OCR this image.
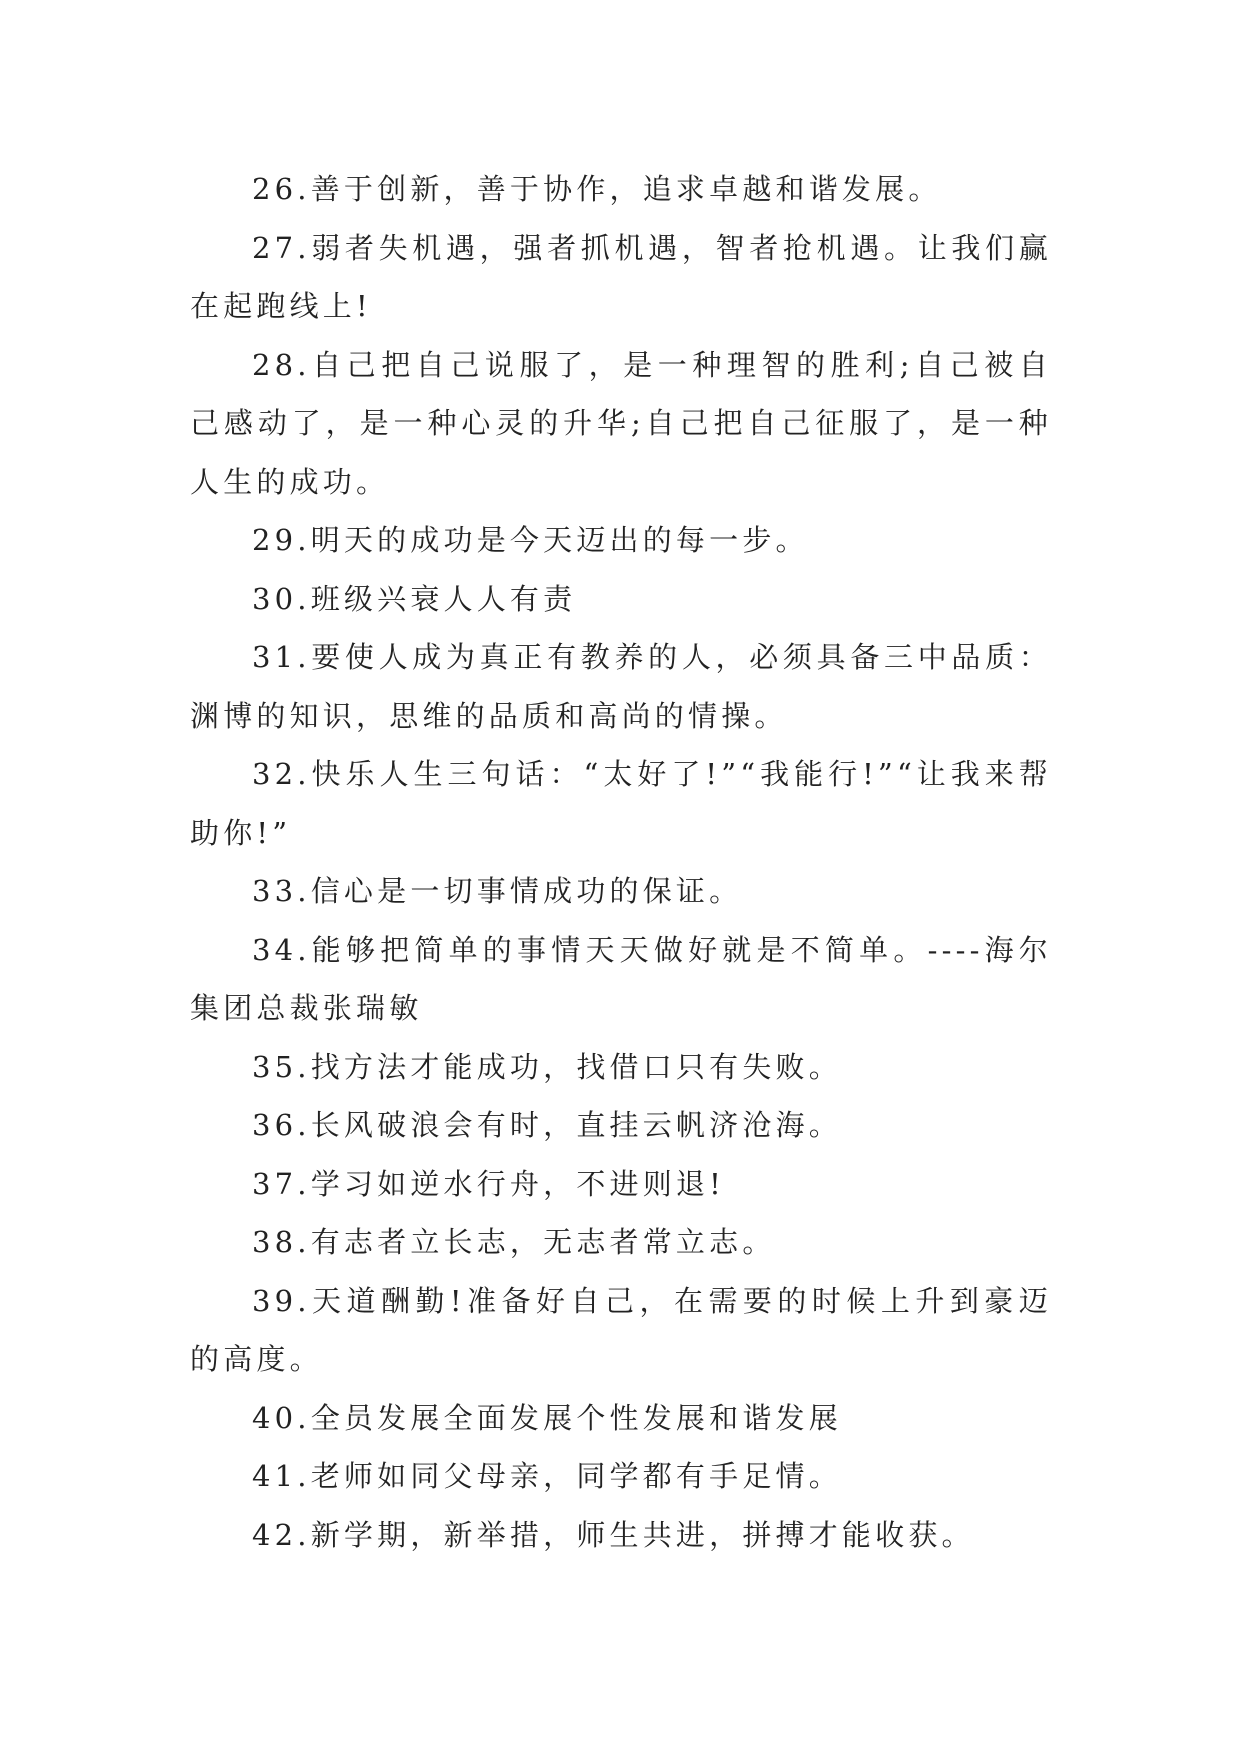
26.善于创新，善于协作，追求卓越和谐发展。

27.弱者失机遇，强者抓机遇，智者抢机遇。让我们赢在起跑线上!

28.自己把自己说服了，是一种理智的胜利;自己被自己感动了，是一种心灵的升华;自己把自己征服了，是一种人生的成功。

29.明天的成功是今天迈出的每一步。

30.班级兴衰人人有责

31.要使人成为真正有教养的人，必须具备三中品质：渊博的知识，思维的品质和高尚的情操。

32.快乐人生三句话：“太好了!”“我能行!”“让我来帮助你!”

33.信心是一切事情成功的保证。

34.能够把简单的事情天天做好就是不简单。----海尔集团总裁张瑞敏

35.找方法才能成功，找借口只有失败。

36.长风破浪会有时，直挂云帆济沧海。

37.学习如逆水行舟，不进则退!

38.有志者立长志，无志者常立志。

39.天道酬勤!准备好自己，在需要的时候上升到豪迈的高度。

40.全员发展全面发展个性发展和谐发展

41.老师如同父母亲，同学都有手足情。

42.新学期，新举措，师生共进，拼搏才能收获。
